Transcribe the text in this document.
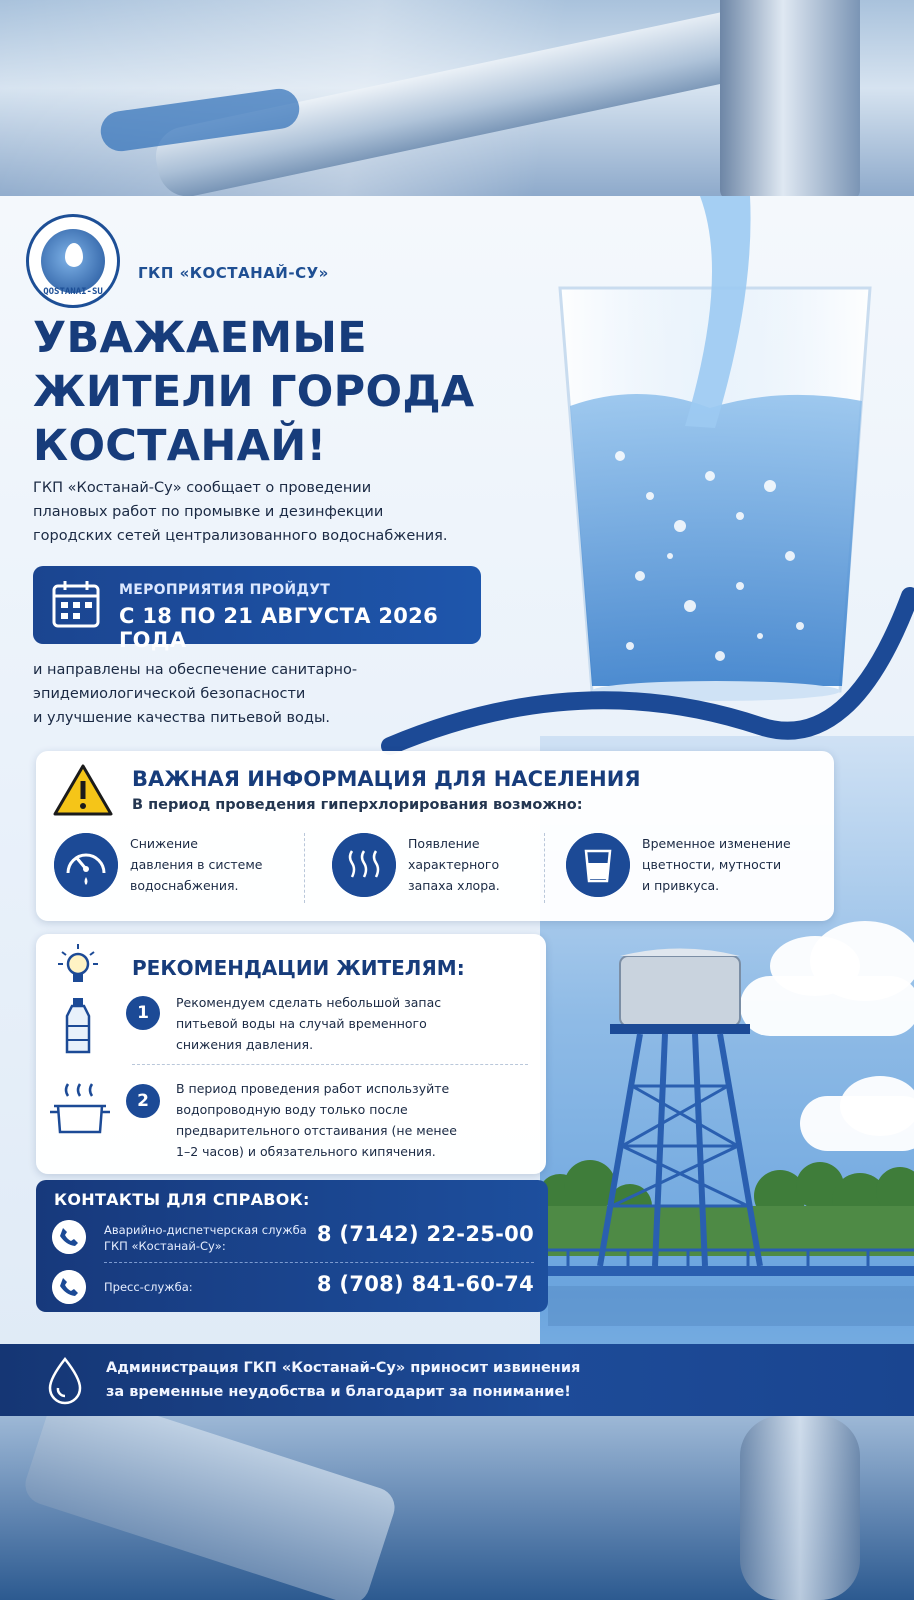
QOSTANAI-SU
ГКП «КОСТАНАЙ-СУ»
УВАЖАЕМЫЕ
ЖИТЕЛИ ГОРОДА
КОСТАНАЙ!
ГКП «Костанай-Су» сообщает о проведении
плановых работ по промывке и дезинфекции
городских сетей централизованного водоснабжения.
МЕРОПРИЯТИЯ ПРОЙДУТ
С 18 ПО 21 АВГУСТА 2026 ГОДА
и направлены на обеспечение санитарно-
эпидемиологической безопасности
и улучшение качества питьевой воды.
ВАЖНАЯ ИНФОРМАЦИЯ ДЛЯ НАСЕЛЕНИЯ
В период проведения гиперхлорирования возможно:
Снижение
давления в системе
водоснабжения.
Появление
характерного
запаха хлора.
Временное изменение
цветности, мутности
и привкуса.
РЕКОМЕНДАЦИИ ЖИТЕЛЯМ:
1
Рекомендуем сделать небольшой запас
питьевой воды на случай временного
снижения давления.
2
В период проведения работ используйте
водопроводную воду только после
предварительного отстаивания (не менее
1–2 часов) и обязательного кипячения.
КОНТАКТЫ ДЛЯ СПРАВОК:
Аварийно-диспетчерская служба
ГКП «Костанай-Су»:	8 (7142) 22-25-00
Пресс-служба:	8 (708) 841-60-74
Администрация ГКП «Костанай-Су» приносит извинения
за временные неудобства и благодарит за понимание!
